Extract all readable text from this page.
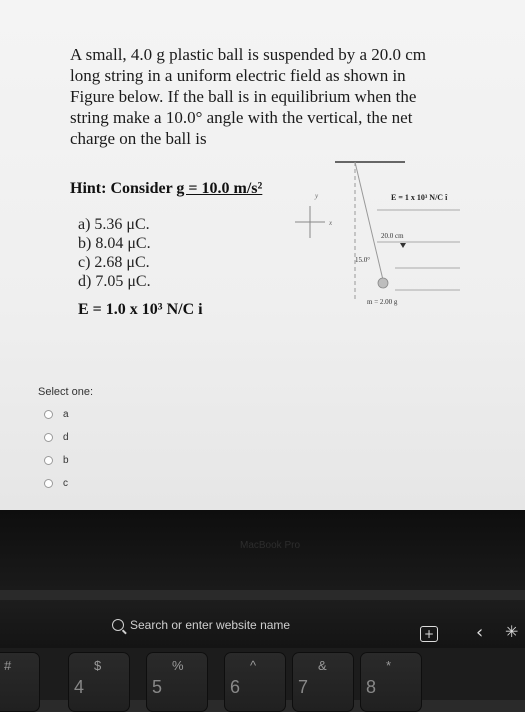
A small, 4.0 g plastic ball is suspended by a 20.0 cm
long string in a uniform electric field as shown in
Figure below. If the ball is in equilibrium when the
string make a 10.0° angle with the vertical, the net
charge on the ball is
Hint: Consider g = 10.0 m/s²
a) 5.36 μC.
b) 8.04 μC.
c) 2.68 μC.
d) 7.05 μC.
E = 1.0 x 10³ N/C i
x
y	E = 1 x 10³ N/C î
20.0 cm
15.0°
m = 2.00 g
Select one:
a
d
b
c
MacBook Pro
Search or enter website name
+ ‹ ✳
#	$
4
%
5
^
6
&
7
*
8
